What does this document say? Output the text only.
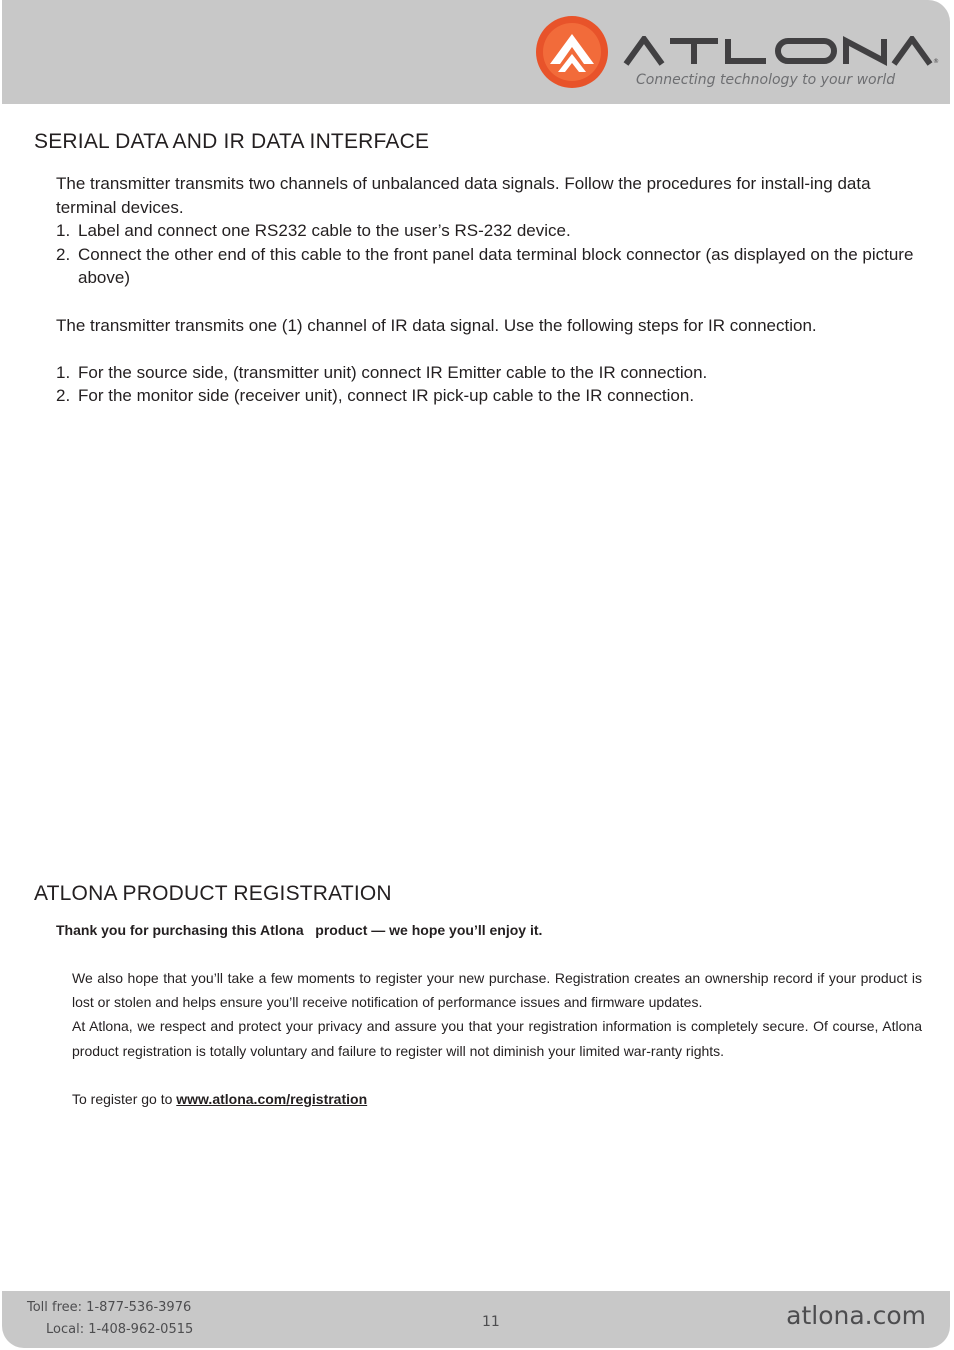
®
Connecting technology to your world
SERIAL DATA AND IR DATA INTERFACE

The transmitter transmits two channels of unbalanced data signals. Follow the procedures for install-ing data terminal devices.

1. Label and connect one RS232 cable to the user’s RS-232 device.
2. Connect the other end of this cable to the front panel data terminal block connector (as displayed on the picture above)

The transmitter transmits one (1) channel of IR data signal. Use the following steps for IR connection.

1. For the source side, (transmitter unit) connect IR Emitter cable to the IR connection.
2. For the monitor side (receiver unit), connect IR pick-up cable to the IR connection.
ATLONA PRODUCT REGISTRATION
Thank you for purchasing this Atlona   product — we hope you’ll enjoy it.

We also hope that you’ll take a few moments to register your new purchase. Registration creates an ownership record if your product is lost or stolen and helps ensure you’ll receive notification of performance issues and firmware updates.

At Atlona, we respect and protect your privacy and assure you that your registration information is completely secure. Of course, Atlona product registration is totally voluntary and failure to register will not diminish your limited war-ranty rights.

To register go to www.atlona.com/registration

Toll free: 1-877-536-3976
Local: 1-408-962-0515	11	atlona.com
